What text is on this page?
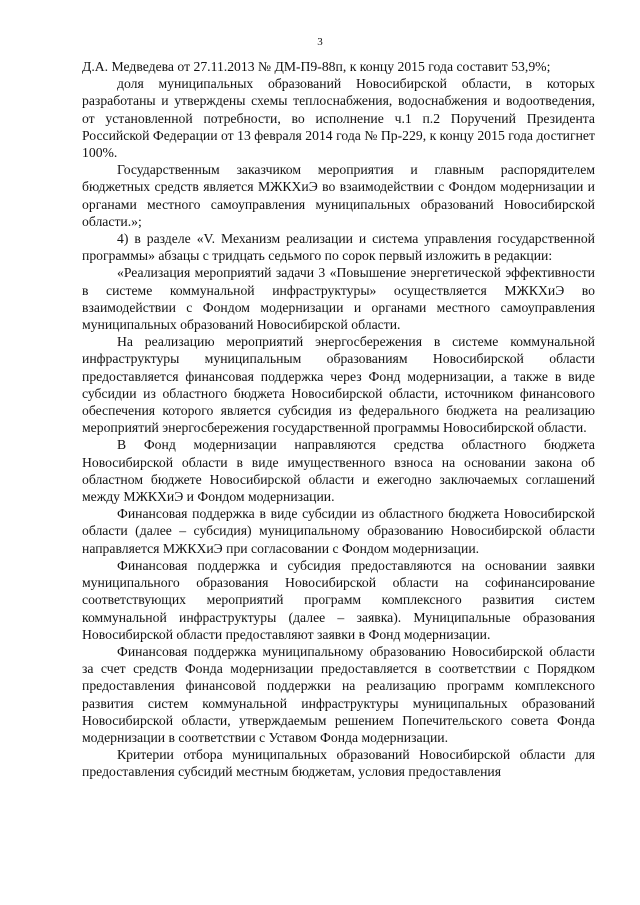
3

Д.А. Медведева от 27.11.2013 № ДМ-П9-88п, к концу 2015 года составит 53,9%;

доля муниципальных образований Новосибирской области, в которых разработаны и утверждены схемы теплоснабжения, водоснабжения и водоотведения, от установленной потребности, во исполнение ч.1 п.2 Поручений Президента Российской Федерации от 13 февраля 2014 года № Пр-229, к концу 2015 года достигнет 100%.

Государственным заказчиком мероприятия и главным распорядителем бюджетных средств является МЖКХиЭ во взаимодействии с Фондом модернизации и органами местного самоуправления муниципальных образований Новосибирской области.»;

4) в разделе «V. Механизм реализации и система управления государственной программы» абзацы с тридцать седьмого по сорок первый изложить в редакции:

«Реализация мероприятий задачи 3 «Повышение энергетической эффективности в системе коммунальной инфраструктуры» осуществляется МЖКХиЭ во взаимодействии с Фондом модернизации и органами местного самоуправления муниципальных образований Новосибирской области.

На реализацию мероприятий энергосбережения в системе коммунальной инфраструктуры муниципальным образованиям Новосибирской области предоставляется финансовая поддержка через Фонд модернизации, а также в виде субсидии из областного бюджета Новосибирской области, источником финансового обеспечения которого является субсидия из федерального бюджета на реализацию мероприятий энергосбережения государственной программы Новосибирской области.

В Фонд модернизации направляются средства областного бюджета Новосибирской области в виде имущественного взноса на основании закона об областном бюджете Новосибирской области и ежегодно заключаемых соглашений между МЖКХиЭ и Фондом модернизации.

Финансовая поддержка в виде субсидии из областного бюджета Новосибирской области (далее – субсидия) муниципальному образованию Новосибирской области направляется МЖКХиЭ при согласовании с Фондом модернизации.

Финансовая поддержка и субсидия предоставляются на основании заявки муниципального образования Новосибирской области на софинансирование соответствующих мероприятий программ комплексного развития систем коммунальной инфраструктуры (далее – заявка). Муниципальные образования Новосибирской области предоставляют заявки в Фонд модернизации.

Финансовая поддержка муниципальному образованию Новосибирской области за счет средств Фонда модернизации предоставляется в соответствии с Порядком предоставления финансовой поддержки на реализацию программ комплексного развития систем коммунальной инфраструктуры муниципальных образований Новосибирской области, утверждаемым решением Попечительского совета Фонда модернизации в соответствии с Уставом Фонда модернизации.

Критерии отбора муниципальных образований Новосибирской области для предоставления субсидий местным бюджетам, условия предоставления
